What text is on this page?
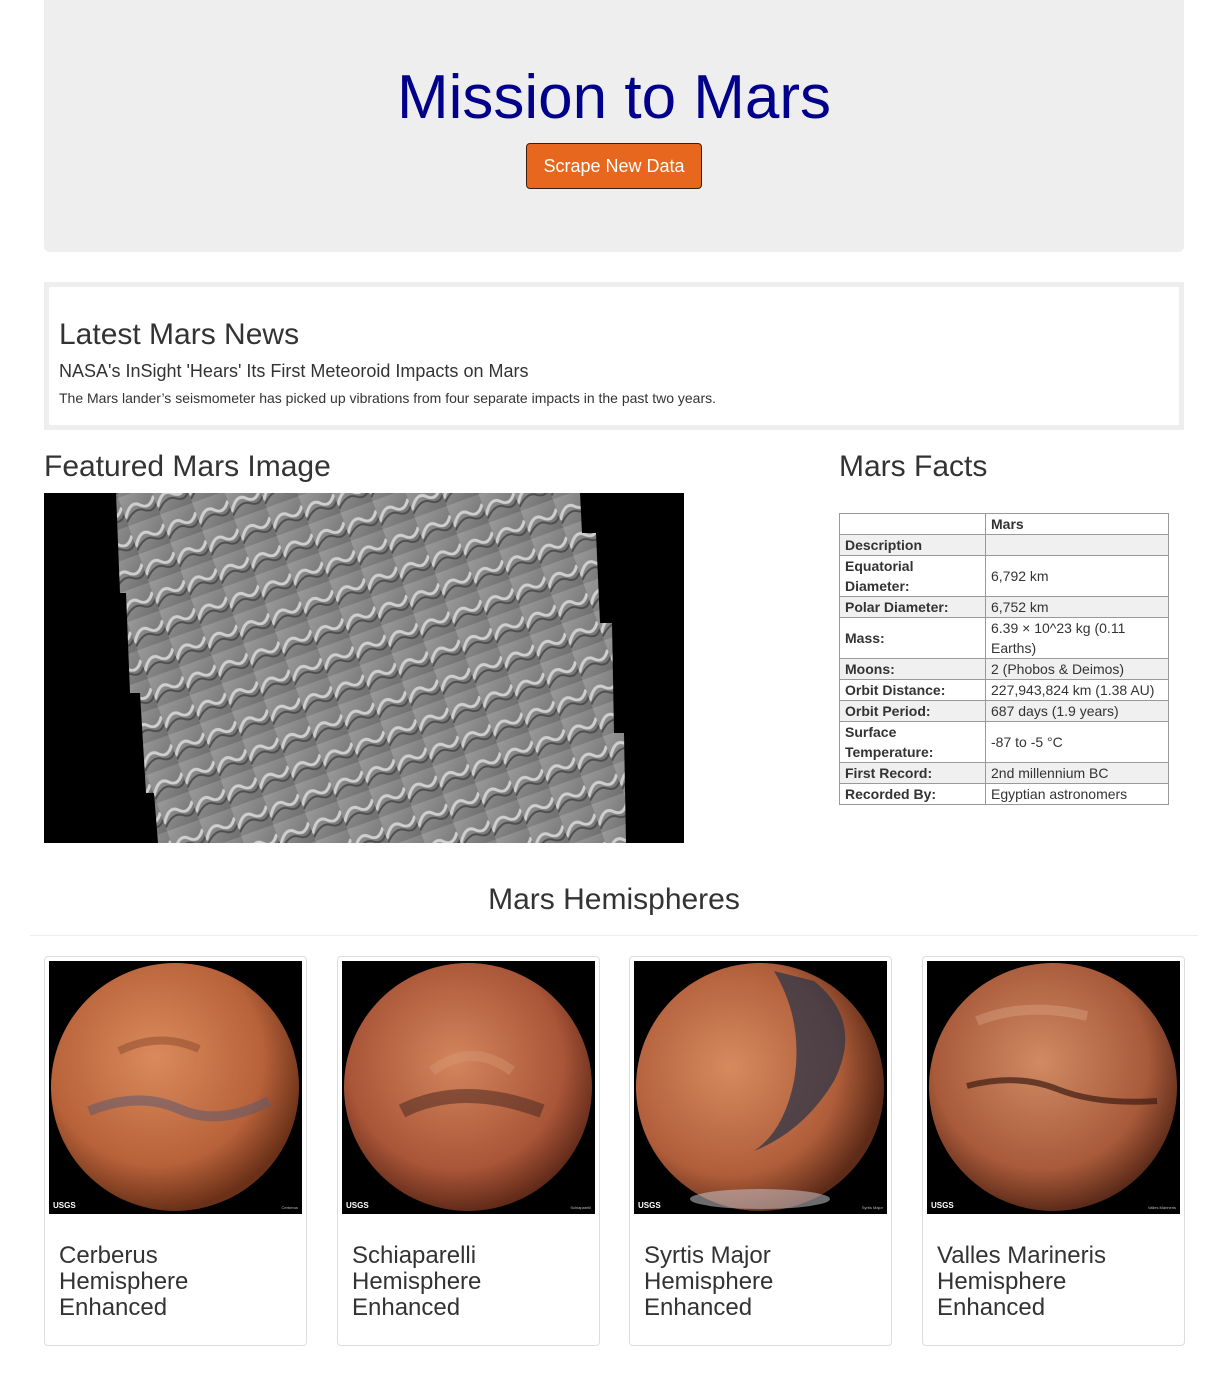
Mission to Mars
Scrape New Data
Latest Mars News
NASA's InSight 'Hears' Its First Meteoroid Impacts on Mars
The Mars lander’s seismometer has picked up vibrations from four separate impacts in the past two years.
Featured Mars Image	Mars Facts
	Mars
Description	
Equatorial Diameter:	6,792 km
Polar Diameter:	6,752 km
Mass:	6.39 × 10^23 kg (0.11 Earths)
Moons:	2 (Phobos & Deimos)
Orbit Distance:	227,943,824 km (1.38 AU)
Orbit Period:	687 days (1.9 years)
Surface Temperature:	-87 to -5 °C
First Record:	2nd millennium BC
Recorded By:	Egyptian astronomers
Mars Hemispheres
USGS	Cerberus
Cerberus Hemisphere Enhanced
USGS	Schiaparelli
Schiaparelli Hemisphere Enhanced
USGS	Syrtis Major
Syrtis Major Hemisphere Enhanced
USGS	Valles Marineris
Valles Marineris Hemisphere Enhanced
